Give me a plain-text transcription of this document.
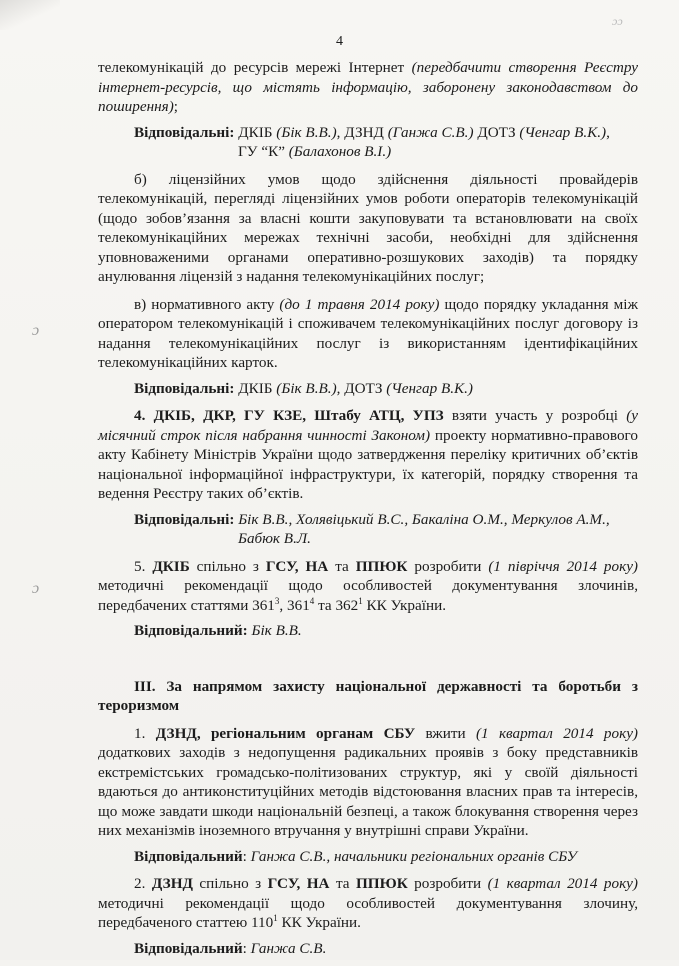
4
ɔɔ
ɔ
ɔ

телекомунікацій до ресурсів мережі Інтернет (передбачити створення Реєстру інтернет-ресурсів, що містять інформацію, заборонену законодавством до поширення);

Відповідальні: ДКІБ (Бік В.В.), ДЗНД (Ганжа С.В.) ДОТЗ (Ченгар В.К.),
ГУ “К” (Балахонов В.І.)

б) ліцензійних умов щодо здійснення діяльності провайдерів телекомунікацій, перегляді ліцензійних умов роботи операторів телекомунікацій (щодо зобов’язання за власні кошти закуповувати та встановлювати на своїх телекомунікаційних мережах технічні засоби, необхідні для здійснення уповноваженими органами оперативно-розшукових заходів) та порядку анулювання ліцензій з надання телекомунікаційних послуг;

в) нормативного акту (до 1 травня 2014 року) щодо порядку укладання між оператором телекомунікацій і споживачем телекомунікаційних послуг договору із надання телекомунікаційних послуг із використанням ідентифікаційних телекомунікаційних карток.

Відповідальні: ДКІБ (Бік В.В.), ДОТЗ (Ченгар В.К.)

4. ДКІБ, ДКР, ГУ КЗЕ, Штабу АТЦ, УПЗ взяти участь у розробці (у місячний строк після набрання чинності Законом) проекту нормативно-правового акту Кабінету Міністрів України щодо затвердження переліку критичних об’єктів національної інформаційної інфраструктури, їх категорій, порядку створення та ведення Реєстру таких об’єктів.

Відповідальні: Бік В.В., Холявіцький В.С., Бакаліна О.М., Меркулов А.М.,
Бабюк В.Л.

5. ДКІБ спільно з ГСУ, НА та ППЮК розробити (1 півріччя 2014 року) методичні рекомендації щодо особливостей документування злочинів, передбачених статтями $361^3$, $361^4$ та $362^1$ КК України.

Відповідальний: Бік В.В.

ІІІ. За напрямом захисту національної державності та боротьби з тероризмом

1. ДЗНД, регіональним органам СБУ вжити (1 квартал 2014 року) додаткових заходів з недопущення радикальних проявів з боку представників екстремістських громадсько-політизованих структур, які у своїй діяльності вдаються до антиконституційних методів відстоювання власних прав та інтересів, що може завдати шкоди національній безпеці, а також блокування створення через них механізмів іноземного втручання у внутрішні справи України.

Відповідальний: Ганжа С.В., начальники регіональних органів СБУ

2. ДЗНД спільно з ГСУ, НА та ППЮК розробити (1 квартал 2014 року) методичні рекомендації щодо особливостей документування злочину, передбаченого статтею $110^1$ КК України.

Відповідальний: Ганжа С.В.
